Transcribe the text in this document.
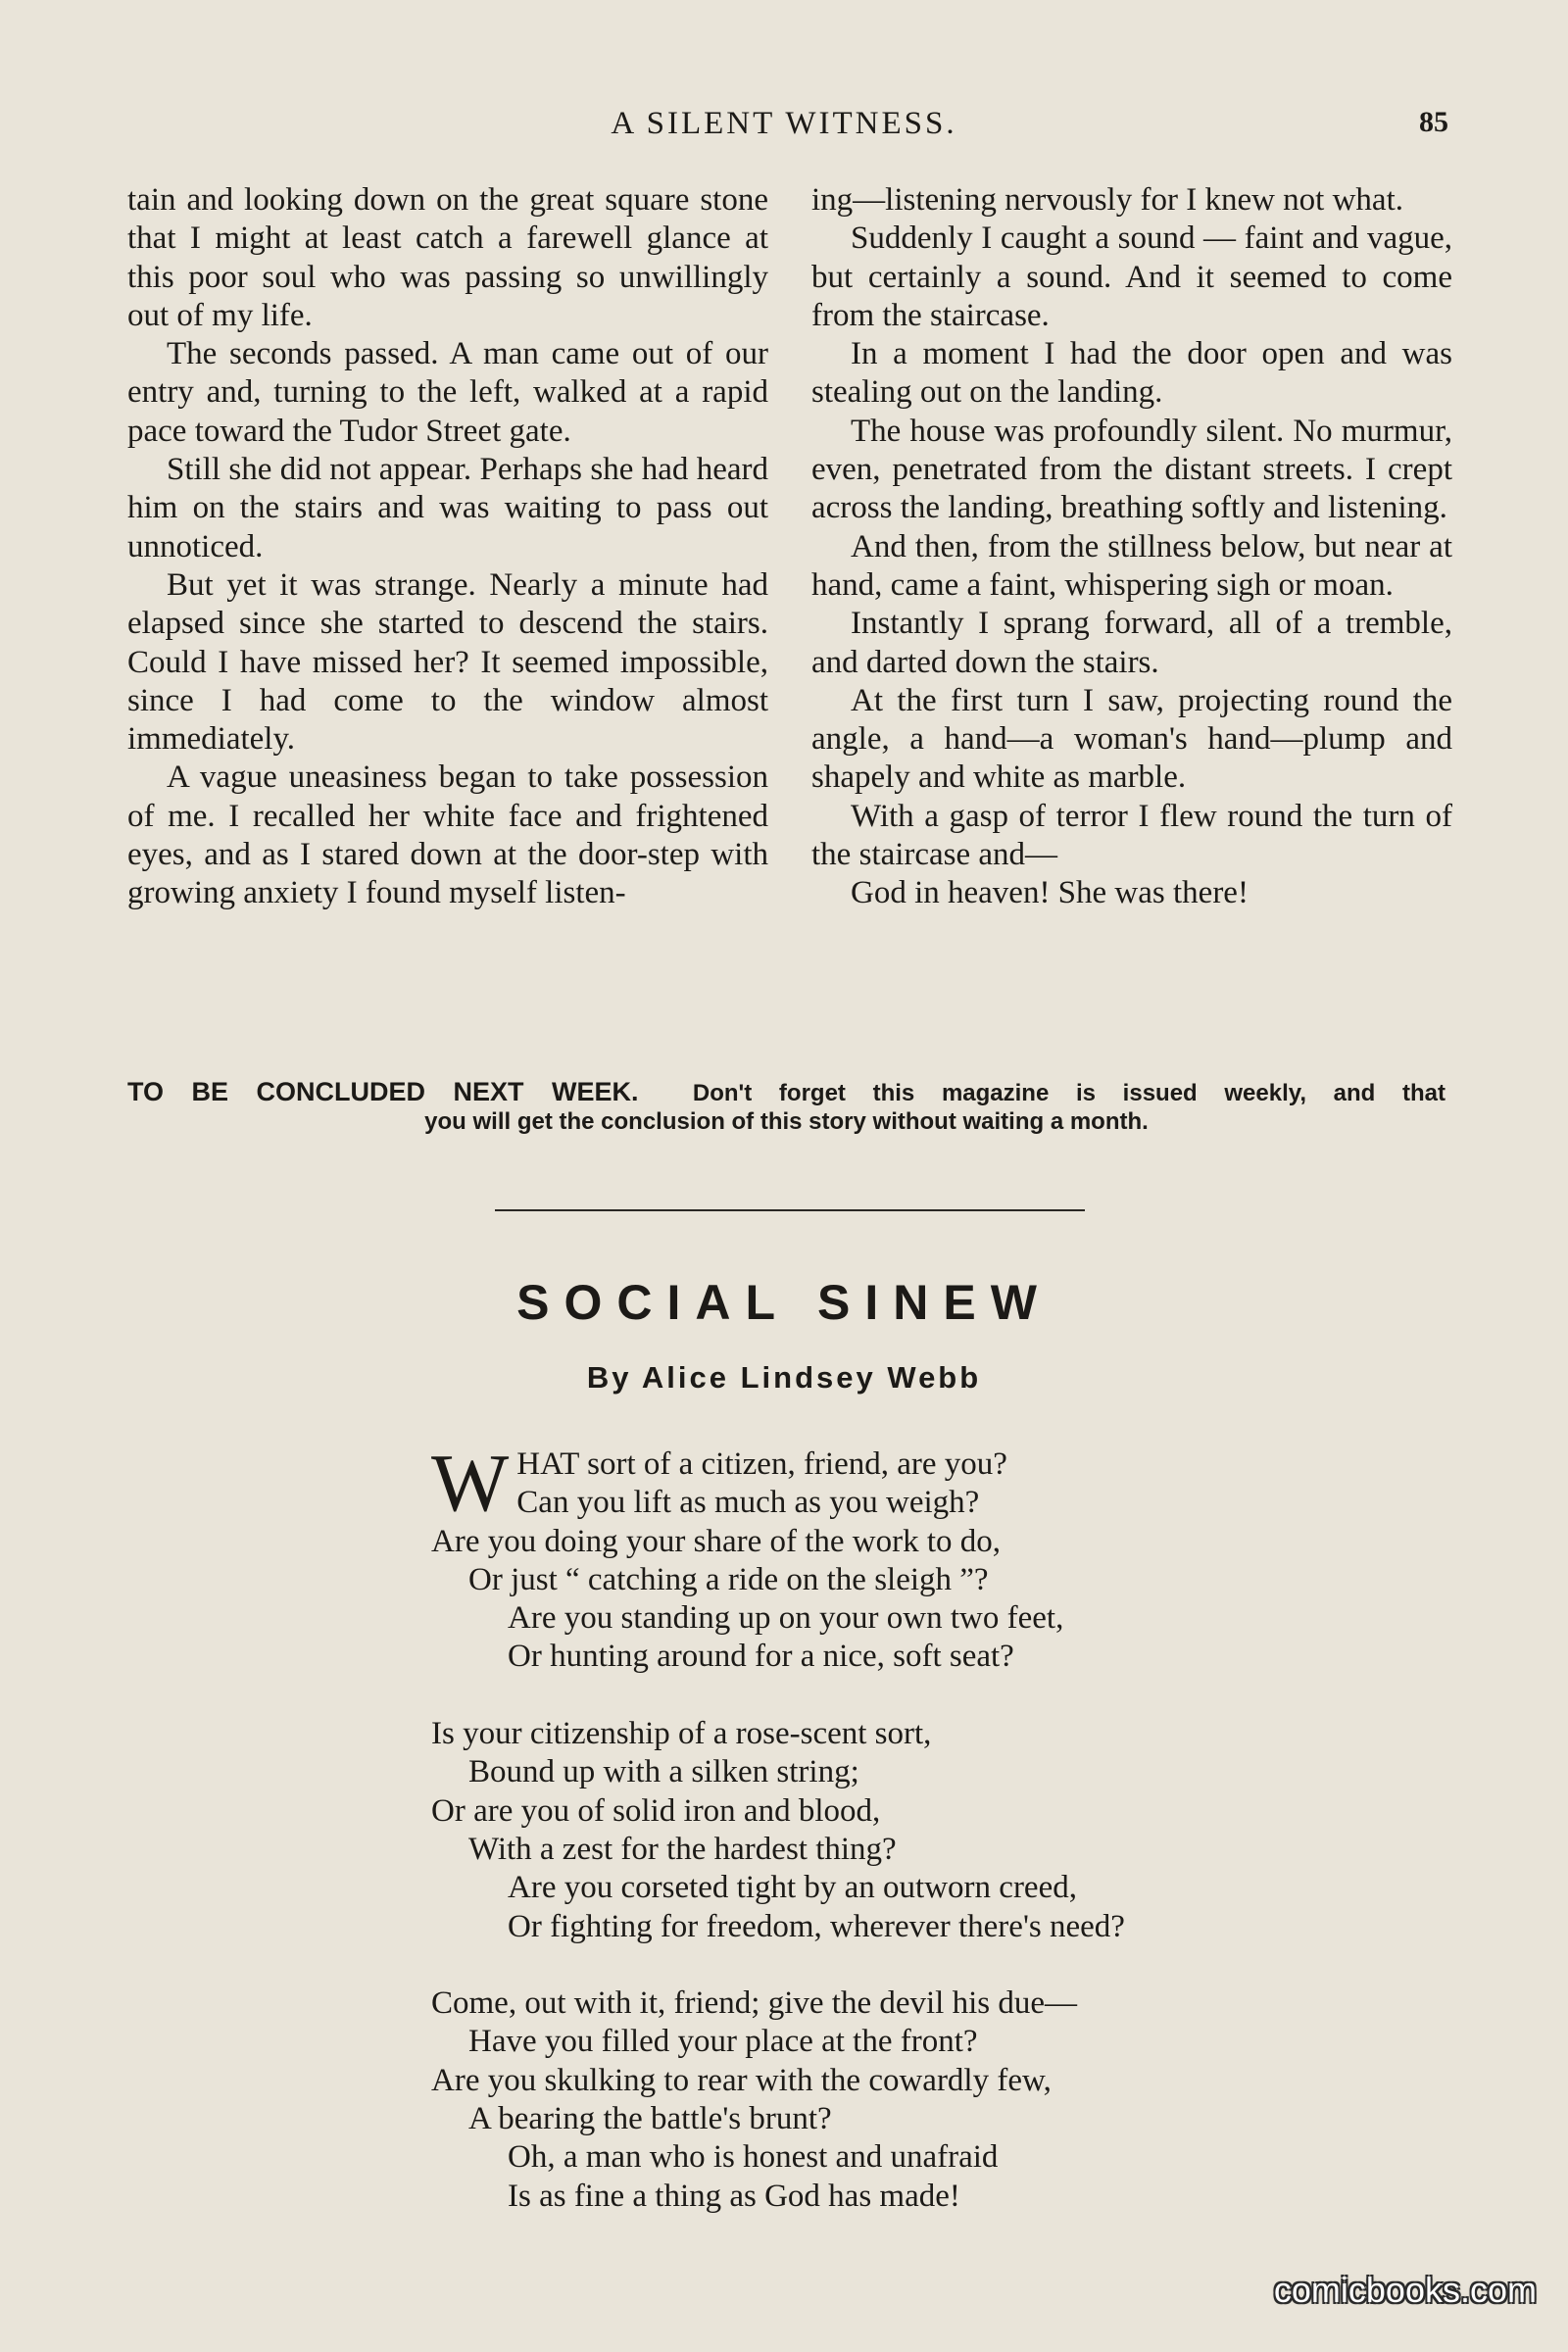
A SILENT WITNESS.	85

tain and looking down on the great square stone that I might at least catch a farewell glance at this poor soul who was passing so unwillingly out of my life.

The seconds passed. A man came out of our entry and, turning to the left, walked at a rapid pace toward the Tudor Street gate.

Still she did not appear. Perhaps she had heard him on the stairs and was waiting to pass out unnoticed.

But yet it was strange. Nearly a minute had elapsed since she started to descend the stairs. Could I have missed her? It seemed impossible, since I had come to the window almost immediately.

A vague uneasiness began to take possession of me. I recalled her white face and frightened eyes, and as I stared down at the door-step with growing anxiety I found myself listen-

ing—listening nervously for I knew not what.

Suddenly I caught a sound — faint and vague, but certainly a sound. And it seemed to come from the staircase.

In a moment I had the door open and was stealing out on the landing.

The house was profoundly silent. No murmur, even, penetrated from the distant streets. I crept across the landing, breathing softly and listening.

And then, from the stillness below, but near at hand, came a faint, whispering sigh or moan.

Instantly I sprang forward, all of a tremble, and darted down the stairs.

At the first turn I saw, projecting round the angle, a hand—a woman's hand—plump and shapely and white as marble.

With a gasp of terror I flew round the turn of the staircase and—

God in heaven! She was there!

TO BE CONCLUDED NEXT WEEK. Don't forget this magazine is issued weekly, and that
you will get the conclusion of this story without waiting a month.
SOCIAL SINEW
By Alice Lindsey Webb
WHAT sort of a citizen, friend, are you?
Can you lift as much as you weigh?
Are you doing your share of the work to do,
Or just “ catching a ride on the sleigh ”?
Are you standing up on your own two feet,
Or hunting around for a nice, soft seat?
Is your citizenship of a rose-scent sort,
Bound up with a silken string;
Or are you of solid iron and blood,
With a zest for the hardest thing?
Are you corseted tight by an outworn creed,
Or fighting for freedom, wherever there's need?
Come, out with it, friend; give the devil his due—
Have you filled your place at the front?
Are you skulking to rear with the cowardly few,
A bearing the battle's brunt?
Oh, a man who is honest and unafraid
Is as fine a thing as God has made!
comicbooks.com
